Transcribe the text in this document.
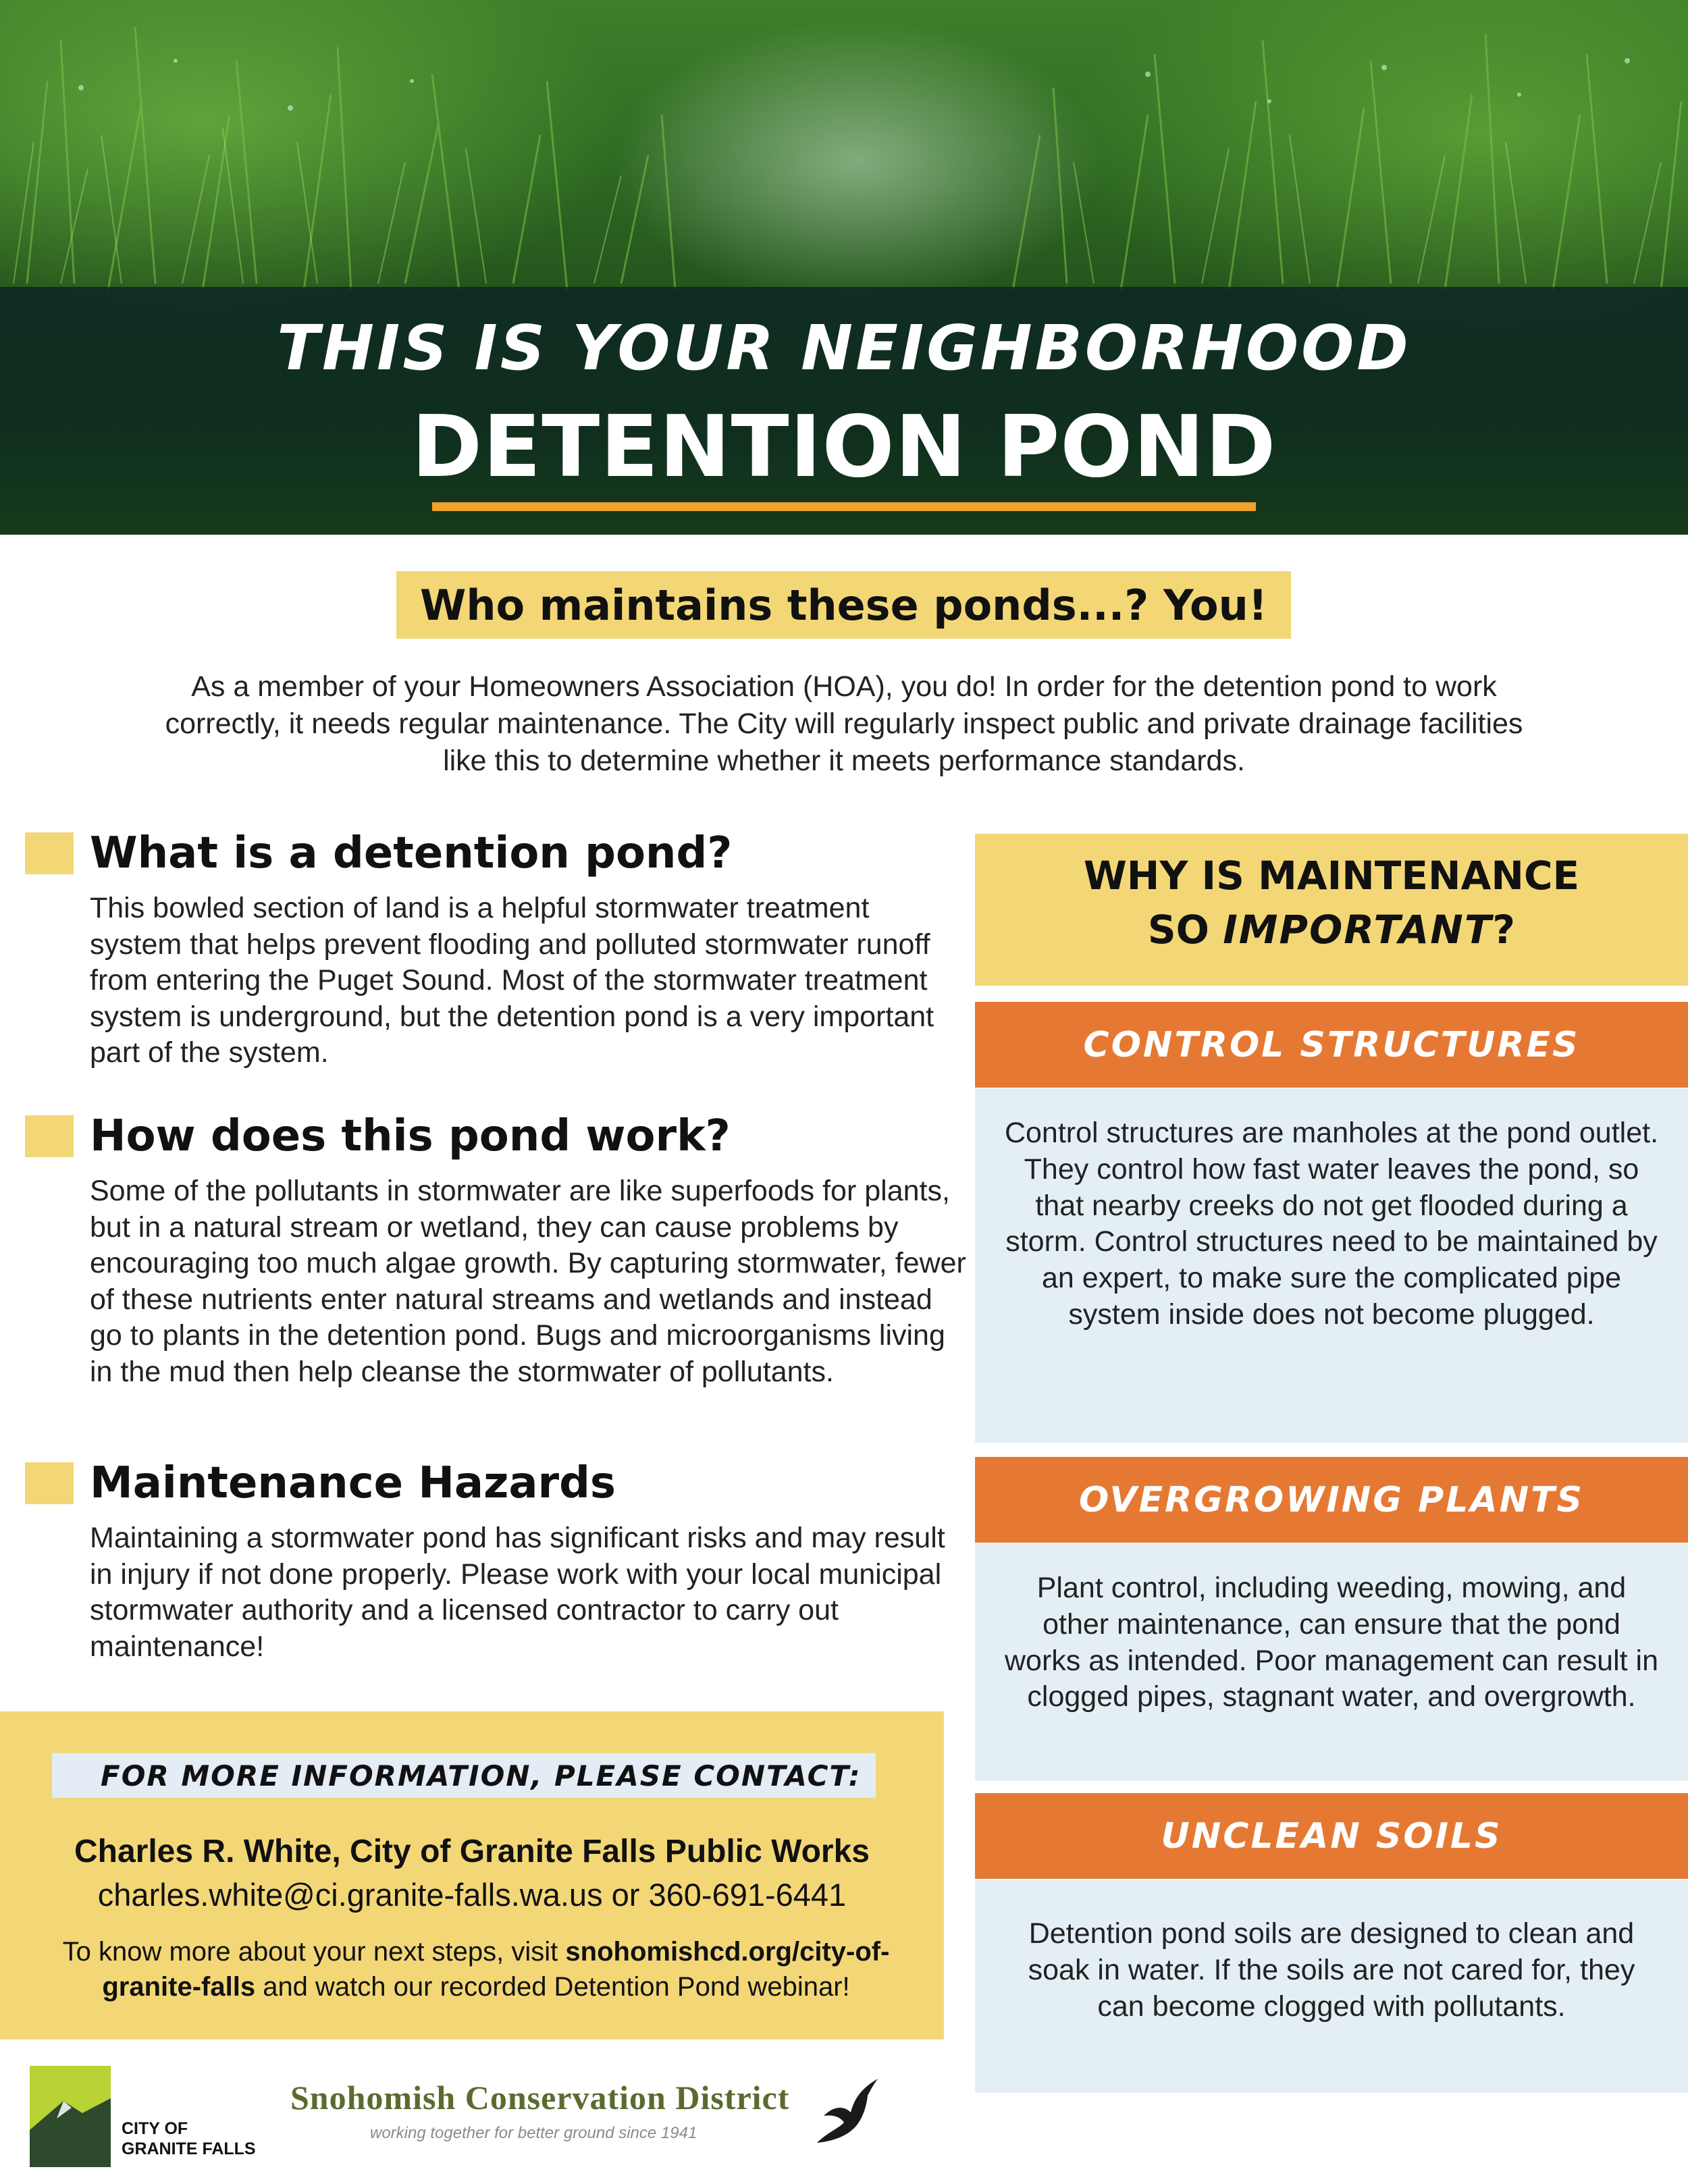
THIS IS YOUR NEIGHBORHOOD
DETENTION POND
Who maintains these ponds...? You!

As a member of your Homeowners Association (HOA), you do! In order for the detention pond to work correctly, it needs regular maintenance. The City will regularly inspect public and private drainage facilities like this to determine whether it meets performance standards.

What is a detention pond?

This bowled section of land is a helpful stormwater treatment system that helps prevent flooding and polluted stormwater runoff from entering the Puget Sound. Most of the stormwater treatment system is underground, but the detention pond is a very important part of the system.

How does this pond work?

Some of the pollutants in stormwater are like superfoods for plants, but in a natural stream or wetland, they can cause problems by encouraging too much algae growth. By capturing stormwater, fewer of these nutrients enter natural streams and wetlands and instead go to plants in the detention pond. Bugs and microorganisms living in the mud then help cleanse the stormwater of pollutants.

Maintenance Hazards

Maintaining a stormwater pond has significant risks and may result in injury if not done properly. Please work with your local municipal stormwater authority and a licensed contractor to carry out maintenance!

FOR MORE INFORMATION, PLEASE CONTACT:
Charles R. White, City of Granite Falls Public Works
charles.white@ci.granite-falls.wa.us or 360-691-6441
To know more about your next steps, visit snohomishcd.org/city-of-granite-falls and watch our recorded Detention Pond webinar!
CITY OF
GRANITE FALLS
Snohomish Conservation District
working together for better ground since 1941
WHY IS MAINTENANCE
SO IMPORTANT?
CONTROL STRUCTURES

Control structures are manholes at the pond outlet. They control how fast water leaves the pond, so that nearby creeks do not get flooded during a storm. Control structures need to be maintained by an expert, to make sure the complicated pipe system inside does not become plugged.

OVERGROWING PLANTS

Plant control, including weeding, mowing, and other maintenance, can ensure that the pond works as intended. Poor management can result in clogged pipes, stagnant water, and overgrowth.

UNCLEAN SOILS

Detention pond soils are designed to clean and soak in water. If the soils are not cared for, they can become clogged with pollutants.
